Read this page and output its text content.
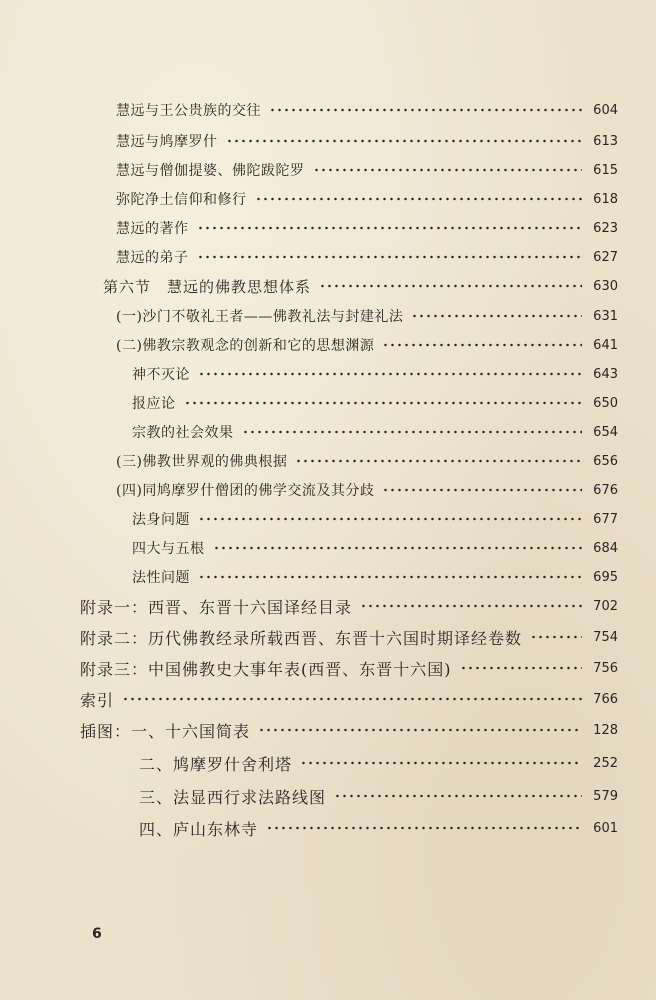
慧远与王公贵族的交往	604
慧远与鸠摩罗什	613
慧远与僧伽提婆、佛陀跋陀罗	615
弥陀净土信仰和修行	618
慧远的著作	623
慧远的弟子	627
第六节　慧远的佛教思想体系	630
(一)沙门不敬礼王者——佛教礼法与封建礼法	631
(二)佛教宗教观念的创新和它的思想渊源	641
神不灭论	643
报应论	650
宗教的社会效果	654
(三)佛教世界观的佛典根据	656
(四)同鸠摩罗什僧团的佛学交流及其分歧	676
法身问题	677
四大与五根	684
法性问题	695
附录一：西晋、东晋十六国译经目录	702
附录二：历代佛教经录所载西晋、东晋十六国时期译经卷数	754
附录三：中国佛教史大事年表(西晋、东晋十六国)	756
索引	766
插图：一、十六国简表	128
二、鸠摩罗什舍利塔	252
三、法显西行求法路线图	579
四、庐山东林寺	601
6
